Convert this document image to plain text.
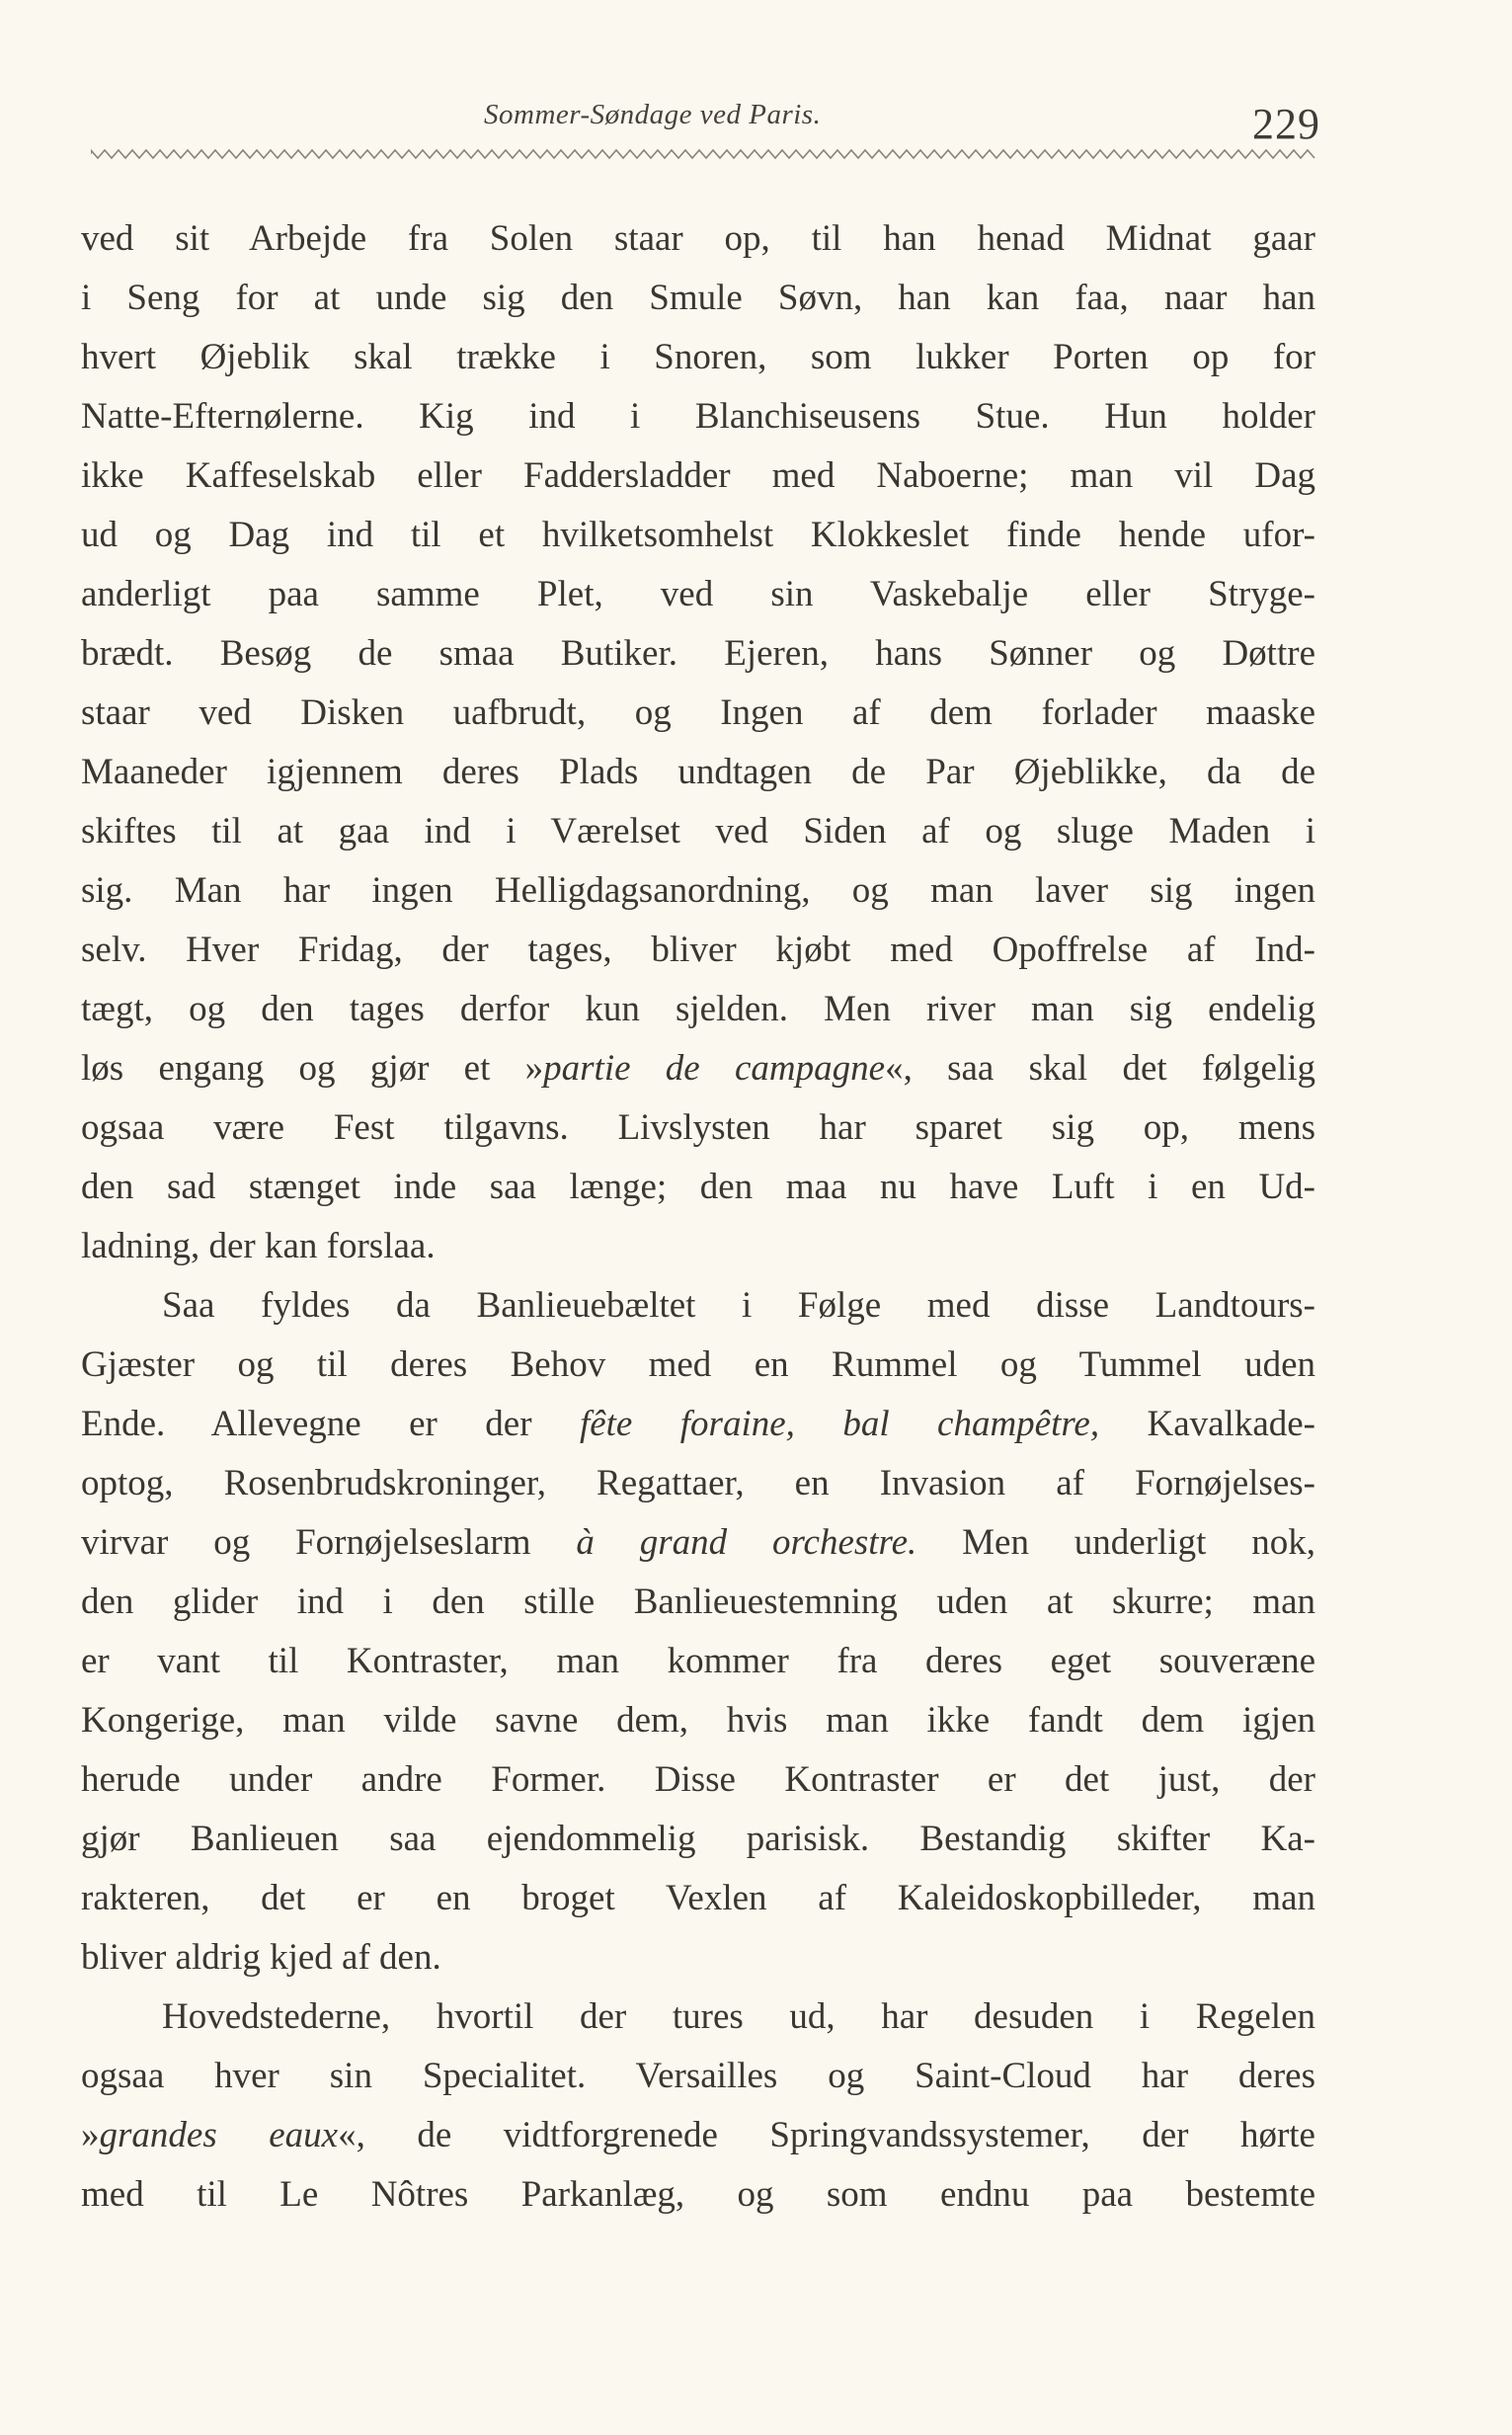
Sommer-Søndage ved Paris.	229
ved sit Arbejde fra Solen staar op, til han henad Midnat gaar
i Seng for at unde sig den Smule Søvn, han kan faa, naar han
hvert Øjeblik skal trække i Snoren, som lukker Porten op for
Natte-Efternølerne. Kig ind i Blanchiseusens Stue. Hun holder
ikke Kaffeselskab eller Faddersladder med Naboerne; man vil Dag
ud og Dag ind til et hvilketsomhelst Klokkeslet finde hende ufor-
anderligt paa samme Plet, ved sin Vaskebalje eller Stryge-
brædt. Besøg de smaa Butiker. Ejeren, hans Sønner og Døttre
staar ved Disken uafbrudt, og Ingen af dem forlader maaske
Maaneder igjennem deres Plads undtagen de Par Øjeblikke, da de
skiftes til at gaa ind i Værelset ved Siden af og sluge Maden i
sig. Man har ingen Helligdagsanordning, og man laver sig ingen
selv. Hver Fridag, der tages, bliver kjøbt med Opoffrelse af Ind-
tægt, og den tages derfor kun sjelden. Men river man sig endelig
løs engang og gjør et »partie de campagne«, saa skal det følgelig
ogsaa være Fest tilgavns. Livslysten har sparet sig op, mens
den sad stænget inde saa længe; den maa nu have Luft i en Ud-
ladning, der kan forslaa.
Saa fyldes da Banlieuebæltet i Følge med disse Landtours-
Gjæster og til deres Behov med en Rummel og Tummel uden
Ende. Allevegne er der fête foraine, bal champêtre, Kavalkade-
optog, Rosenbrudskroninger, Regattaer, en Invasion af Fornøjelses-
virvar og Fornøjelseslarm à grand orchestre. Men underligt nok,
den glider ind i den stille Banlieuestemning uden at skurre; man
er vant til Kontraster, man kommer fra deres eget souveræne
Kongerige, man vilde savne dem, hvis man ikke fandt dem igjen
herude under andre Former. Disse Kontraster er det just, der
gjør Banlieuen saa ejendommelig parisisk. Bestandig skifter Ka-
rakteren, det er en broget Vexlen af Kaleidoskopbilleder, man
bliver aldrig kjed af den.
Hovedstederne, hvortil der tures ud, har desuden i Regelen
ogsaa hver sin Specialitet. Versailles og Saint-Cloud har deres
»grandes eaux«, de vidtforgrenede Springvandssystemer, der hørte
med til Le Nôtres Parkanlæg, og som endnu paa bestemte
